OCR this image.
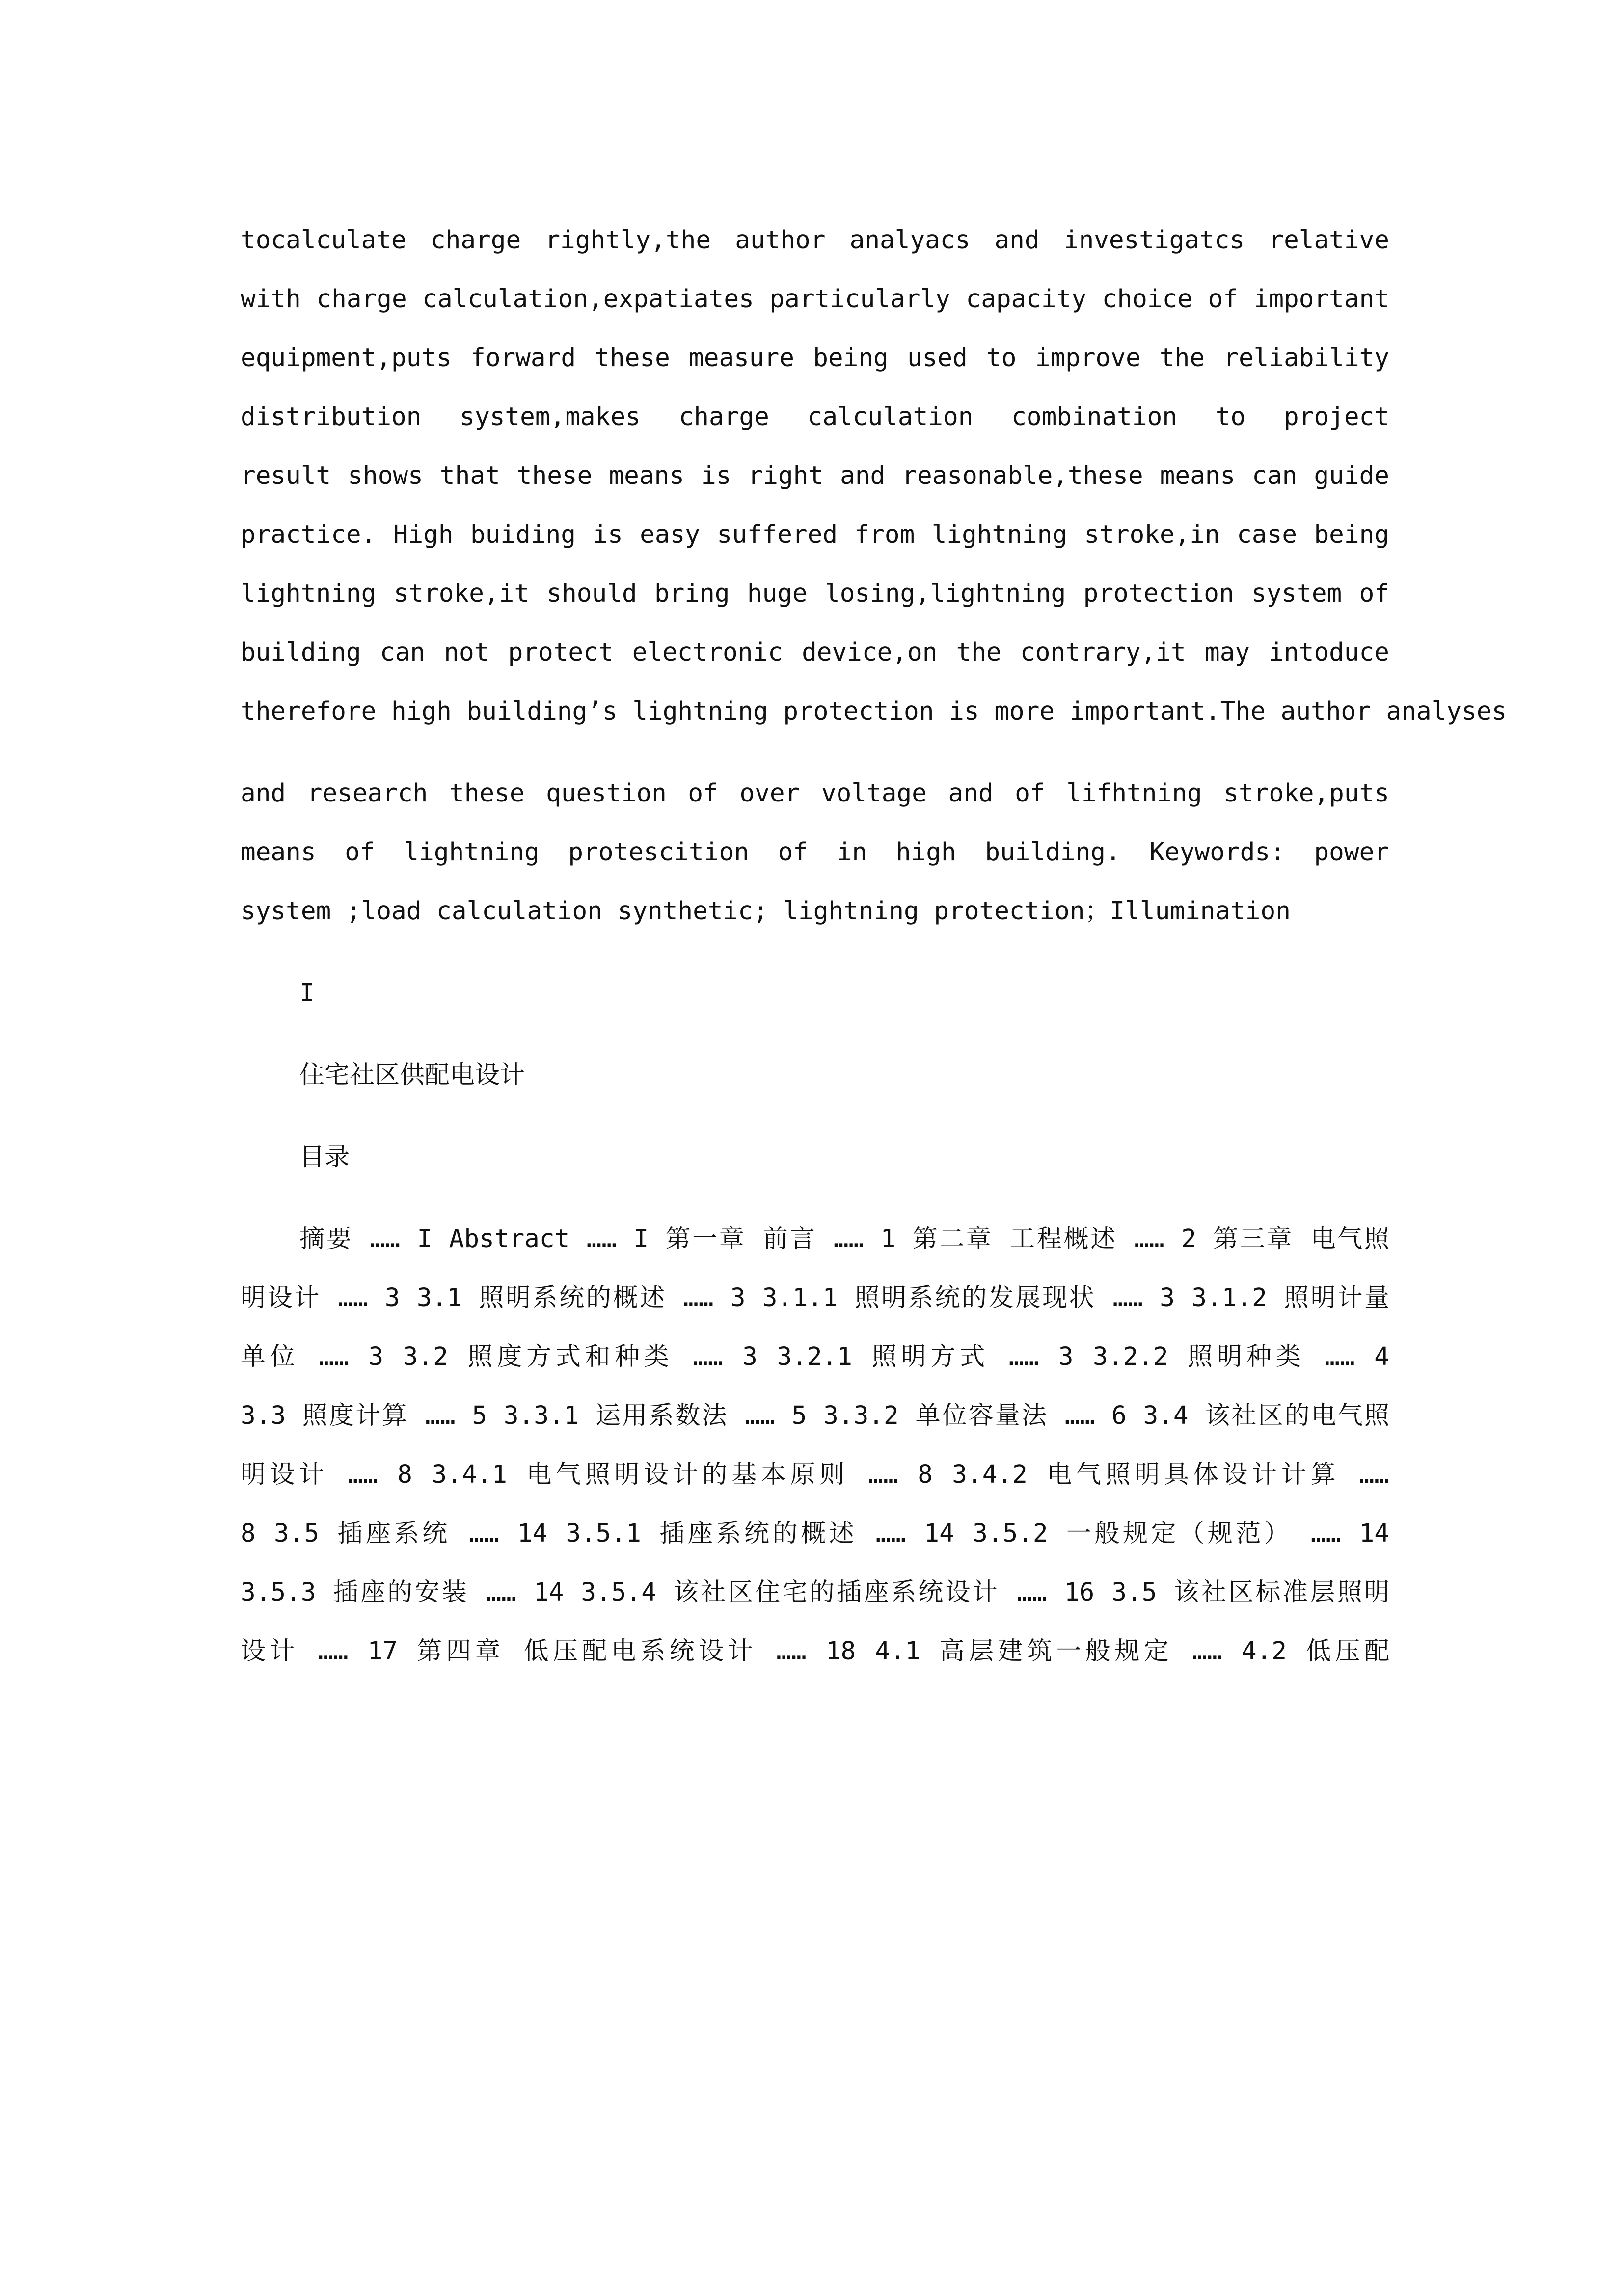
tocalculate charge rightly,the author analyacs and investigatcs relative
with charge calculation,expatiates particularly capacity choice of important
equipment,puts forward these measure being used to improve the reliability
distribution system,makes charge calculation combination to project
result shows that these means is right and reasonable,these means can guide
practice. High buiding is easy suffered from lightning stroke,in case being
lightning stroke,it should bring huge losing,lightning protection system of
building can not protect electronic device,on the contrary,it may intoduce
therefore high building’s lightning protection is more important.The author analyses
and research these question of over voltage and of lifhtning stroke,puts
means of lightning protescition of in high building. Keywords: power
system ;load calculation synthetic; lightning protection；Illumination
I
住宅社区供配电设计
目录
摘要 …… I Abstract …… I 第一章 前言 …… 1 第二章 工程概述 …… 2 第三章 电气照
明设计 …… 3 3.1 照明系统的概述 …… 3 3.1.1 照明系统的发展现状 …… 3 3.1.2 照明计量
单位 …… 3 3.2 照度方式和种类 …… 3 3.2.1 照明方式 …… 3 3.2.2 照明种类 …… 4
3.3 照度计算 …… 5 3.3.1 运用系数法 …… 5 3.3.2 单位容量法 …… 6 3.4 该社区的电气照
明设计 …… 8 3.4.1 电气照明设计的基本原则 …… 8 3.4.2 电气照明具体设计计算 ……
8 3.5 插座系统 …… 14 3.5.1 插座系统的概述 …… 14 3.5.2 一般规定（规范） …… 14
3.5.3 插座的安装 …… 14 3.5.4 该社区住宅的插座系统设计 …… 16 3.5 该社区标准层照明
设计 …… 17 第四章 低压配电系统设计 …… 18 4.1 高层建筑一般规定 …… 4.2 低压配
